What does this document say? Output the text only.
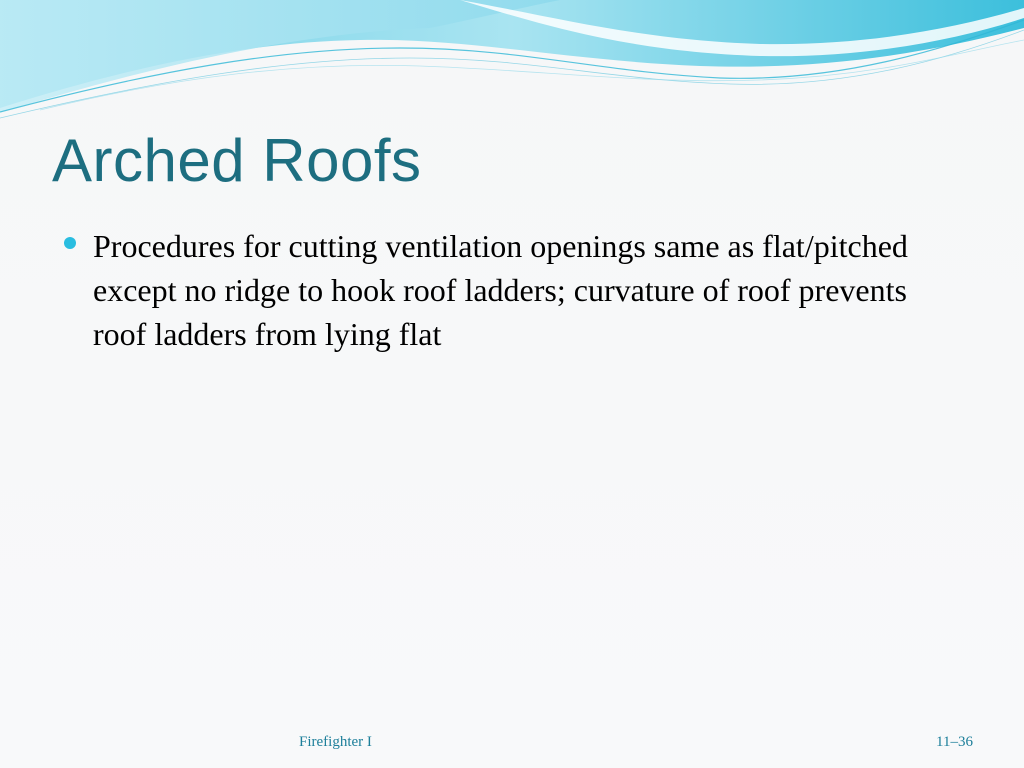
Arched Roofs
Procedures for cutting ventilation openings same as flat/pitched except no ridge to hook roof ladders; curvature of roof prevents roof ladders from lying flat
Firefighter I	11–36
